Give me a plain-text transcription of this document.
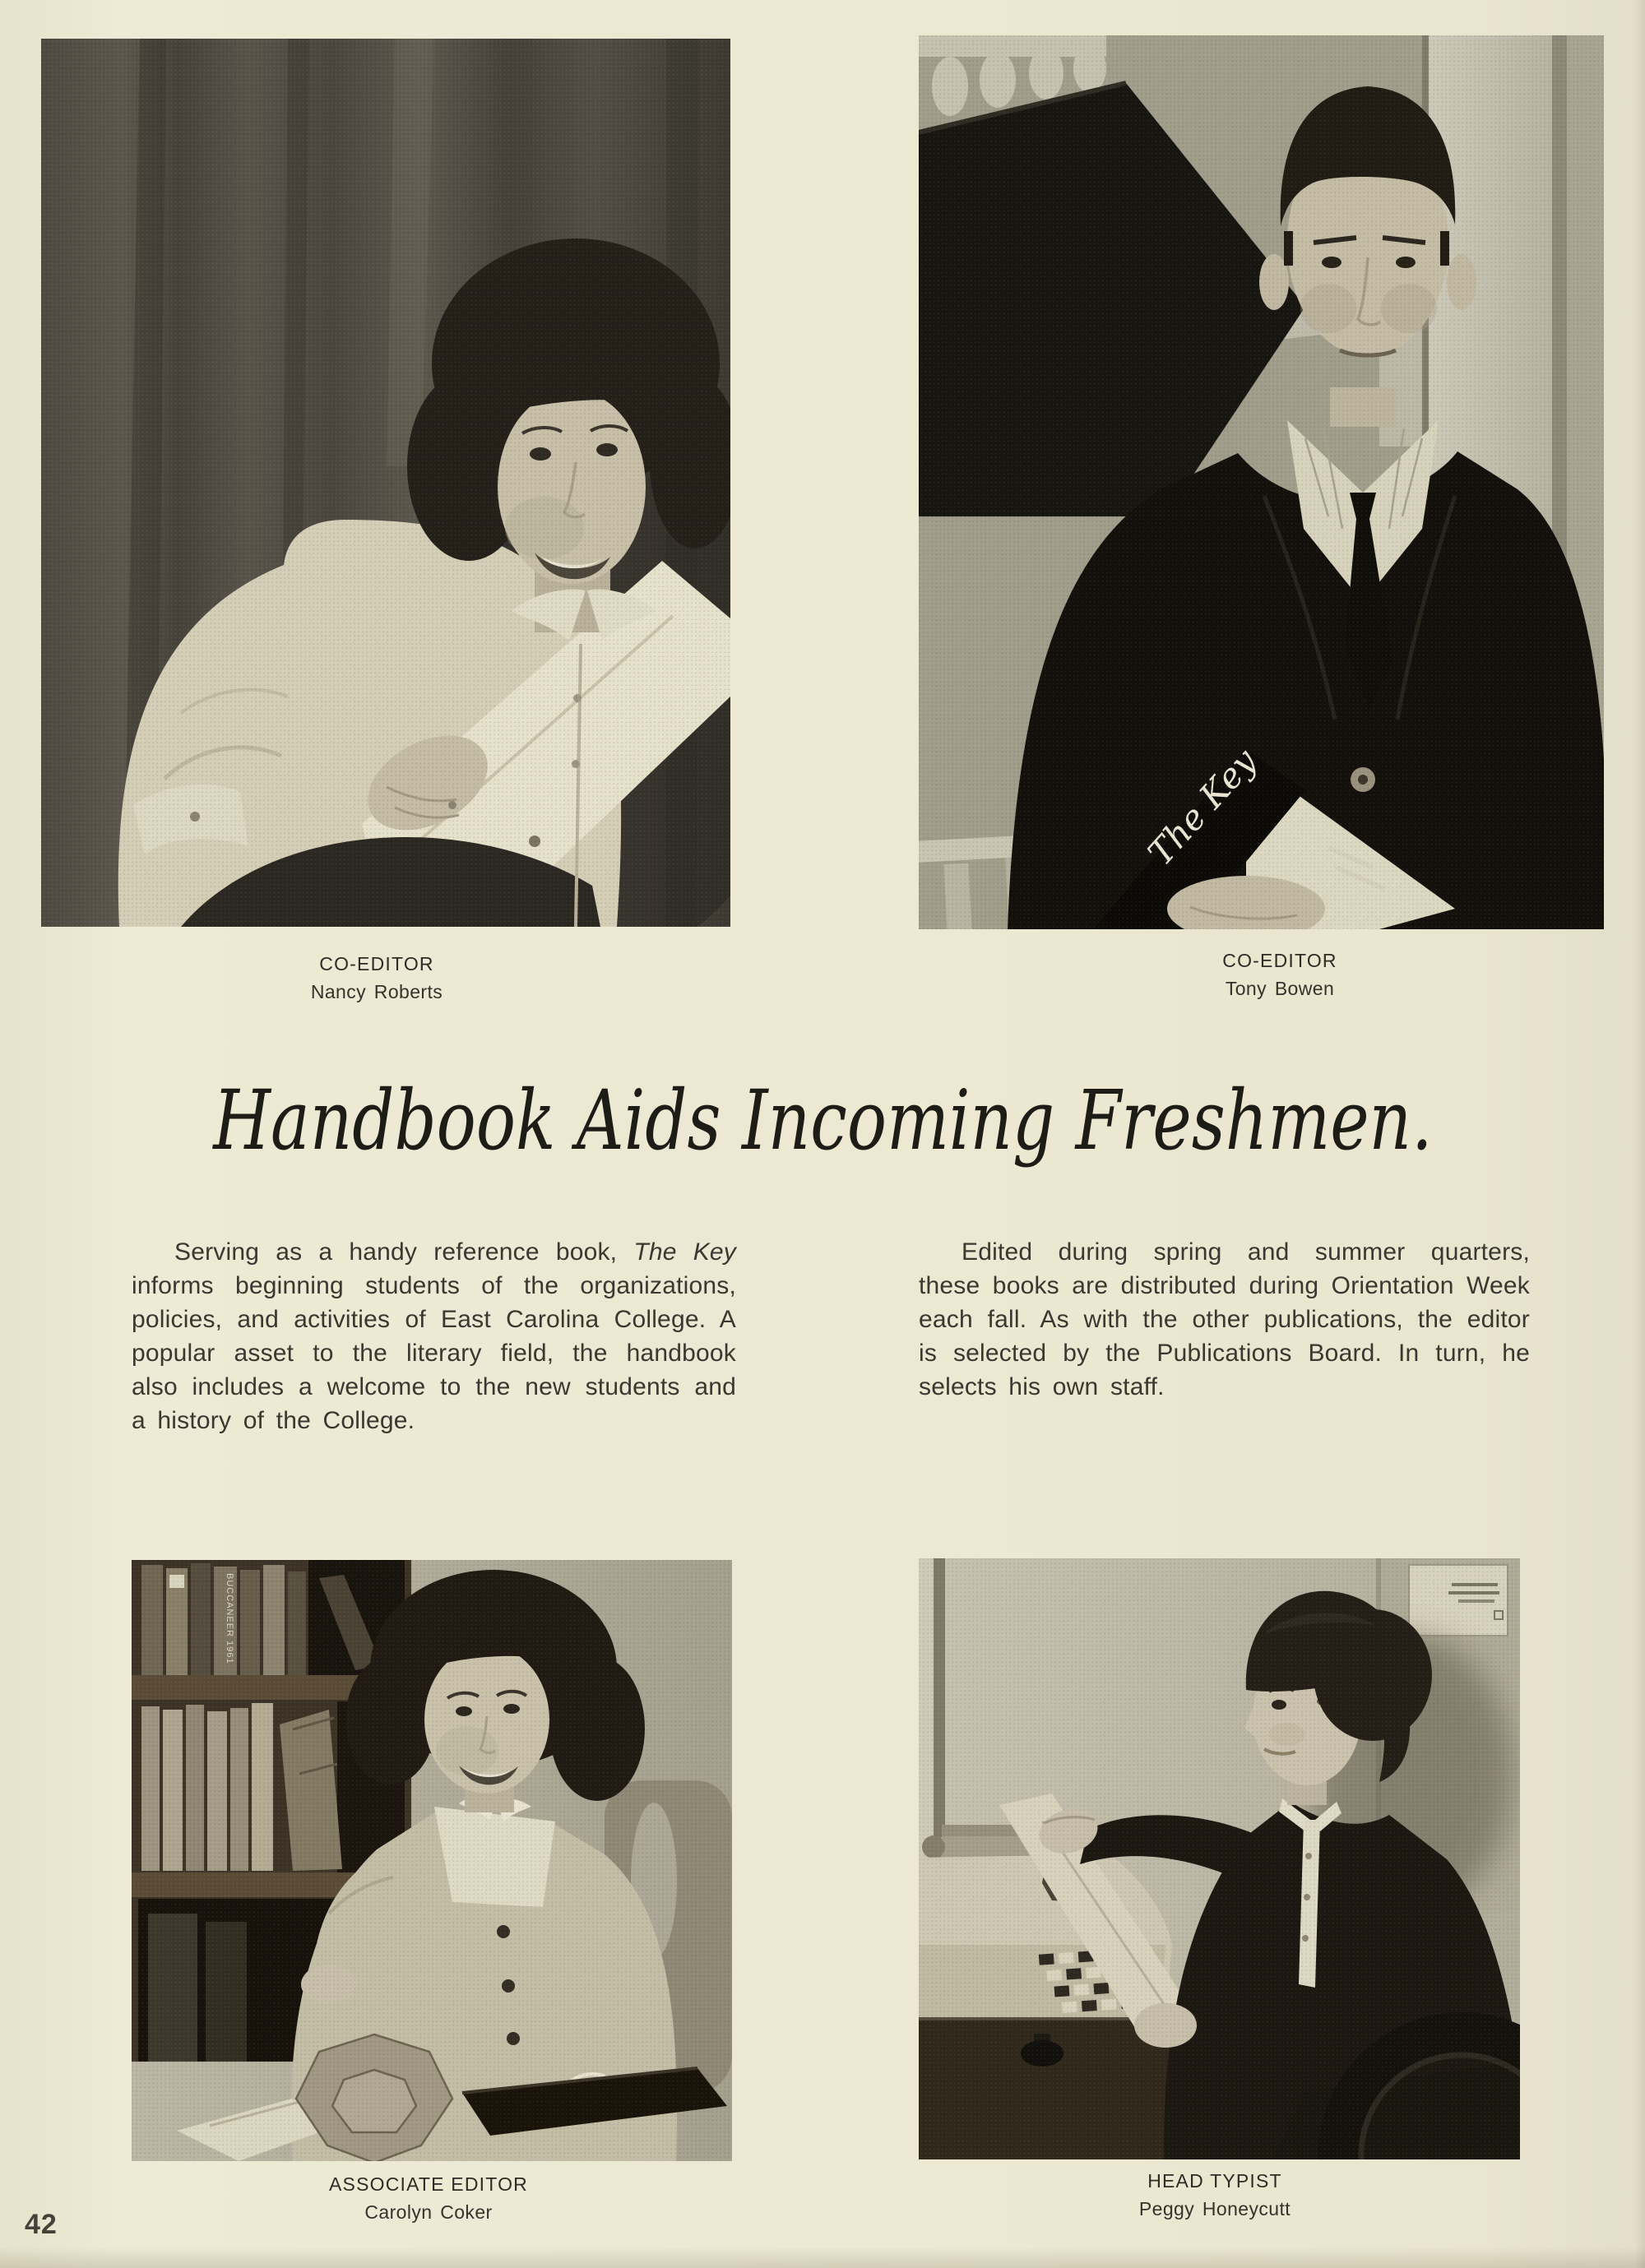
CO-EDITOR
Nancy Roberts
CO-EDITOR
Tony Bowen
Handbook Aids Incoming Freshmen.

Serving as a handy reference book, The Key informs beginning students of the organizations, policies, and activities of East Carolina College. A popular asset to the literary field, the handbook also includes a welcome to the new students and a history of the College.

Edited during spring and summer quarters, these books are distributed during Orientation Week each fall. As with the other publications, the editor is selected by the Publications Board. In turn, he selects his own staff.

ASSOCIATE EDITOR
Carolyn Coker
HEAD TYPIST
Peggy Honeycutt
42
